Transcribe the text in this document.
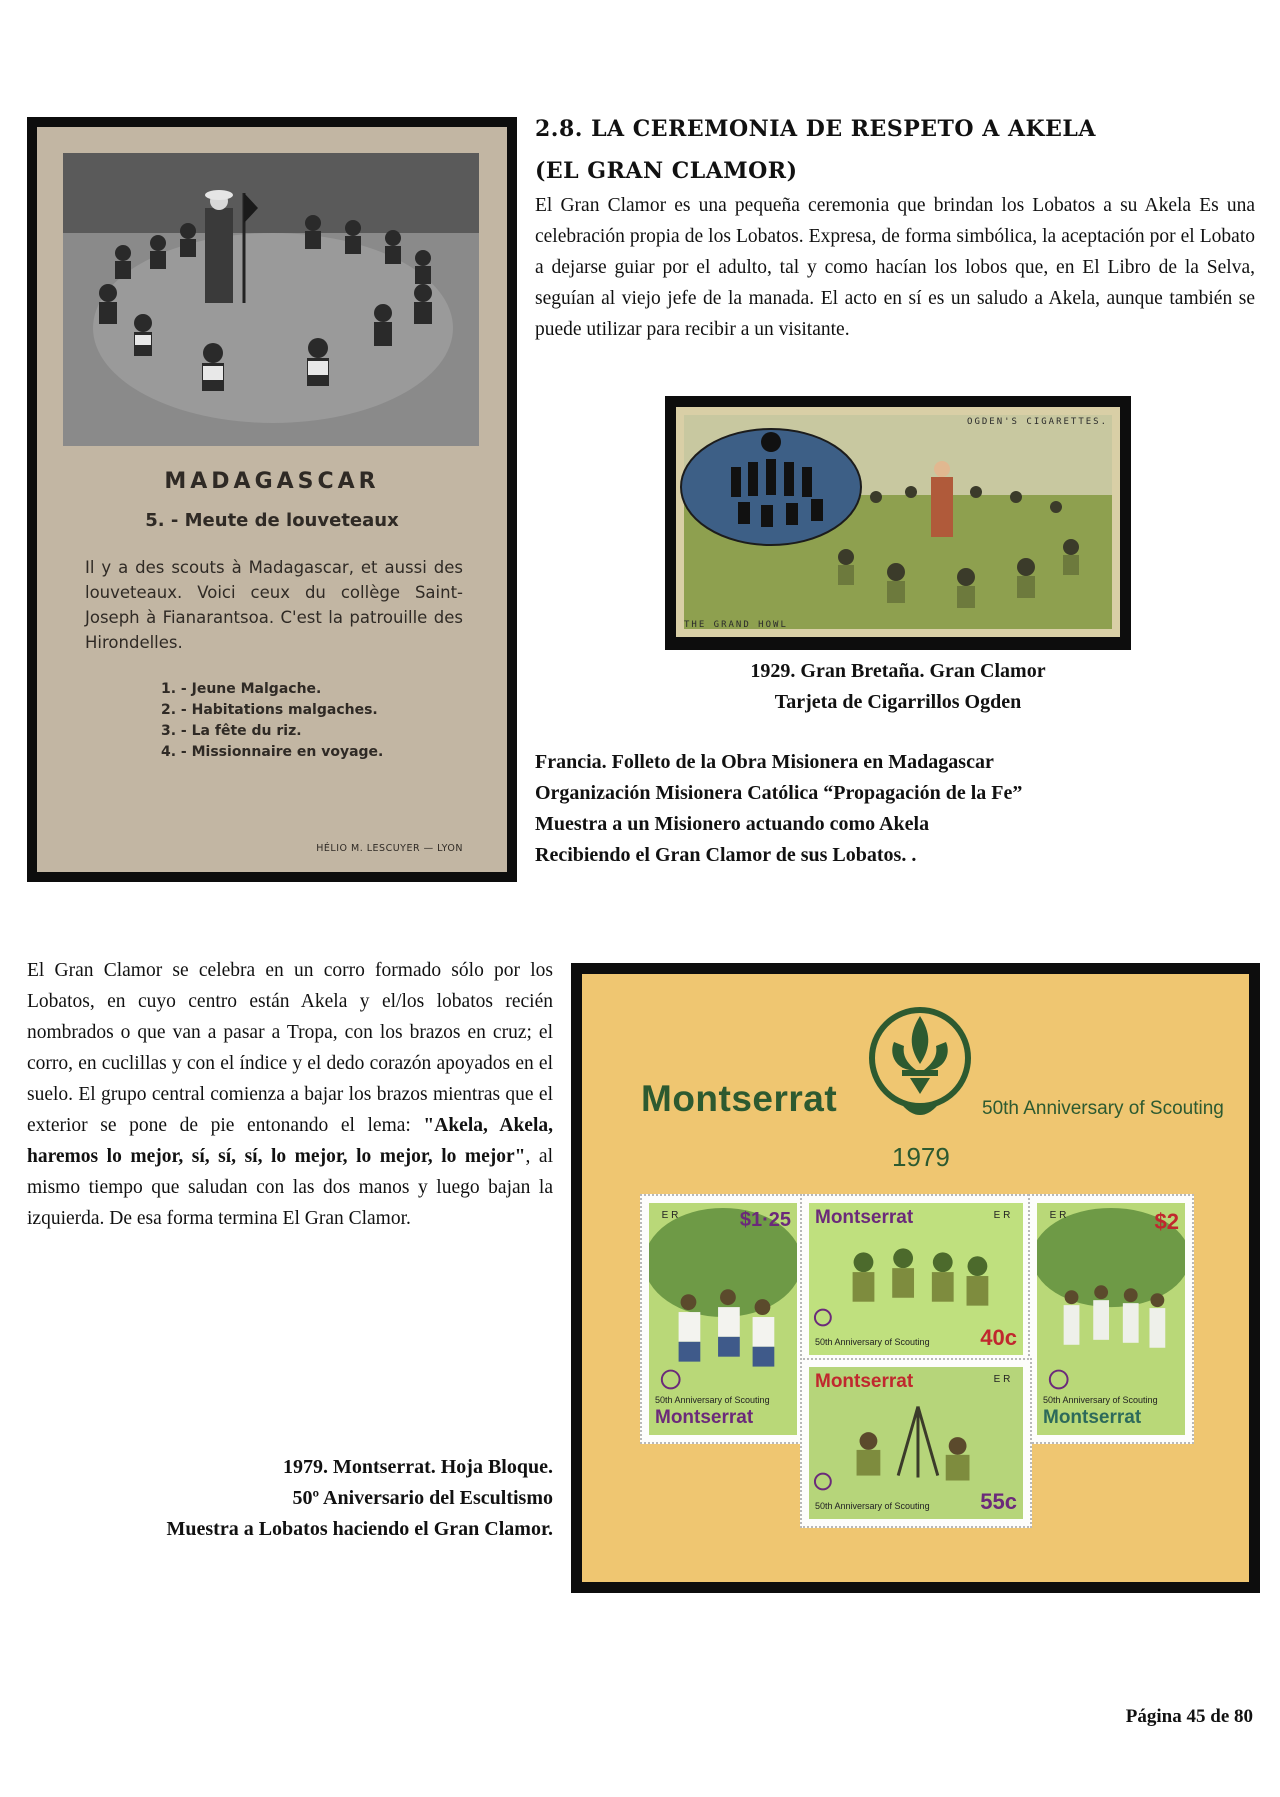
MADAGASCAR
5. - Meute de louveteaux
Il y a des scouts à Madagascar, et aussi des louveteaux. Voici ceux du collège Saint-Joseph à Fianarantsoa. C'est la patrouille des Hirondelles.
1. - Jeune Malgache.
2. - Habitations malgaches.
3. - La fête du riz.
4. - Missionnaire en voyage.
HÉLIO M. LESCUYER — LYON
2.8. LA CEREMONIA DE RESPETO A AKELA
(EL GRAN CLAMOR)
El Gran Clamor es una pequeña ceremonia que brindan los Lobatos a su Akela Es una celebración propia de los Lobatos. Expresa, de forma simbólica, la aceptación por el Lobato a dejarse guiar por el adulto, tal y como hacían los lobos que, en El Libro de la Selva, seguían al viejo jefe de la manada. El acto en sí es un saludo a Akela, aunque también se puede utilizar para recibir a un visitante.
OGDEN'S CIGARETTES.
THE GRAND HOWL
1929. Gran Bretaña. Gran Clamor
Tarjeta de Cigarrillos Ogden
Francia. Folleto de la Obra Misionera en Madagascar
Organización Misionera Católica “Propagación de la Fe”
Muestra a un Misionero actuando como Akela
Recibiendo el Gran Clamor de sus Lobatos. .
El Gran Clamor se celebra en un corro formado sólo por los Lobatos, en cuyo centro están Akela y el/los lobatos recién nombrados o que van a pasar a Tropa, con los brazos en cruz; el corro, en cuclillas y con el índice y el dedo corazón apoyados en el suelo. El grupo central comienza a bajar los brazos mientras que el exterior se pone de pie entonando el lema: "Akela, Akela, haremos lo mejor, sí, sí, sí, lo mejor, lo mejor, lo mejor", al mismo tiempo que saludan con las dos manos y luego bajan la izquierda. De esa forma termina El Gran Clamor.
1979. Montserrat. Hoja Bloque.
50º Aniversario del Escultismo
Muestra a Lobatos haciendo el Gran Clamor.
Montserrat	50th Anniversary of Scouting
1979
E R	$1·25
50th Anniversary of Scouting
Montserrat
Montserrat	E R
50th Anniversary of Scouting 40c
E R	$2
50th Anniversary of Scouting
Montserrat
Montserrat	E R
50th Anniversary of Scouting 55c
Página 45 de 80
